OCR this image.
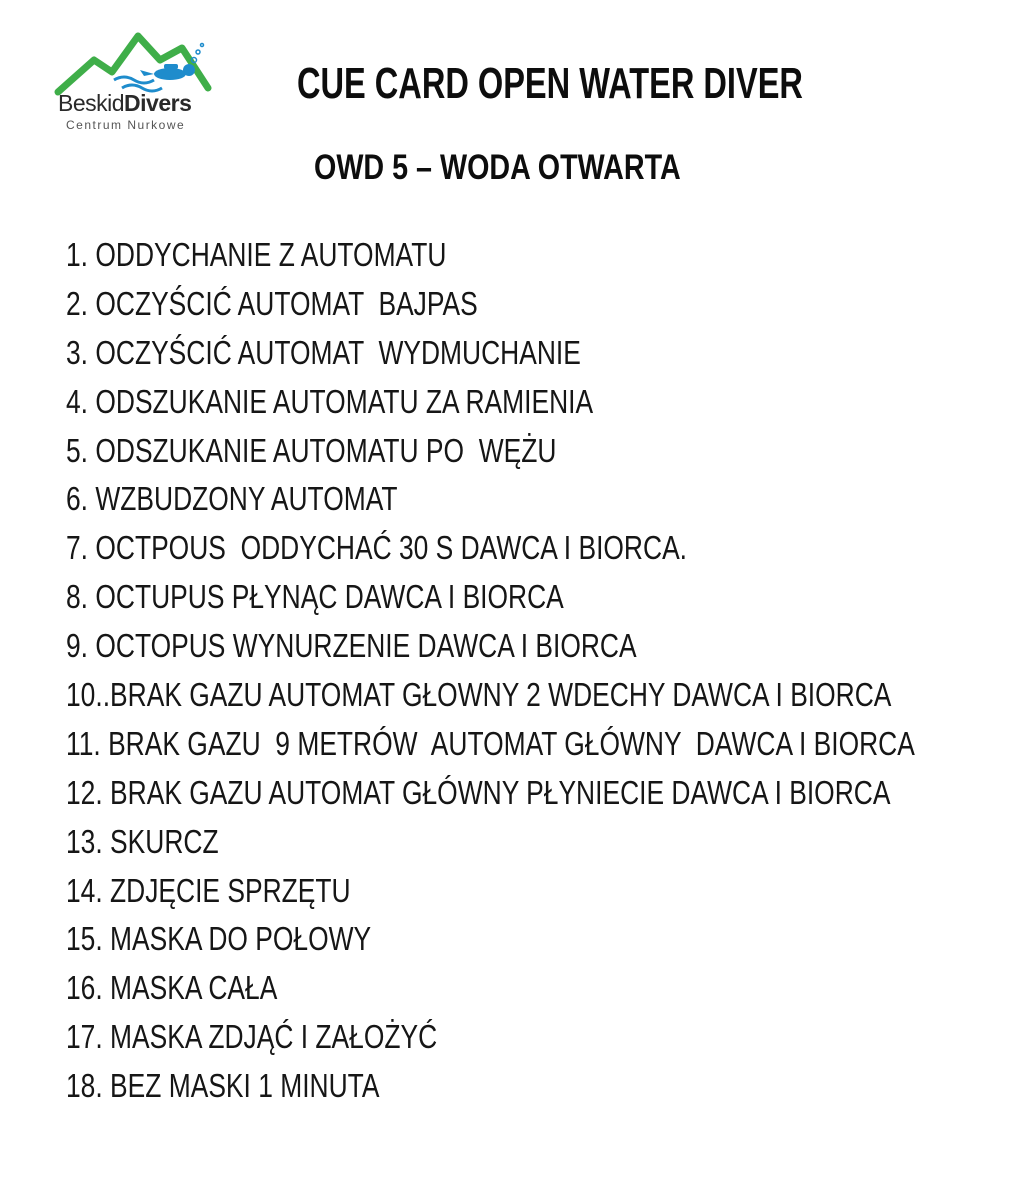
BeskidDivers
Centrum Nurkowe
CUE CARD OPEN WATER DIVER
OWD 5 – WODA OTWARTA
1. ODDYCHANIE Z AUTOMATU
2. OCZYŚCIĆ AUTOMAT  BAJPAS
3. OCZYŚCIĆ AUTOMAT  WYDMUCHANIE
4. ODSZUKANIE AUTOMATU ZA RAMIENIA
5. ODSZUKANIE AUTOMATU PO  WĘŻU
6. WZBUDZONY AUTOMAT
7. OCTPOUS  ODDYCHAĆ 30 S DAWCA I BIORCA.
8. OCTUPUS PŁYNĄC DAWCA I BIORCA
9. OCTOPUS WYNURZENIE DAWCA I BIORCA
10..BRAK GAZU AUTOMAT GŁOWNY 2 WDECHY DAWCA I BIORCA
11. BRAK GAZU  9 METRÓW  AUTOMAT GŁÓWNY  DAWCA I BIORCA
12. BRAK GAZU AUTOMAT GŁÓWNY PŁYNIECIE DAWCA I BIORCA
13. SKURCZ
14. ZDJĘCIE SPRZĘTU
15. MASKA DO POŁOWY
16. MASKA CAŁA
17. MASKA ZDJĄĆ I ZAŁOŻYĆ
18. BEZ MASKI 1 MINUTA
